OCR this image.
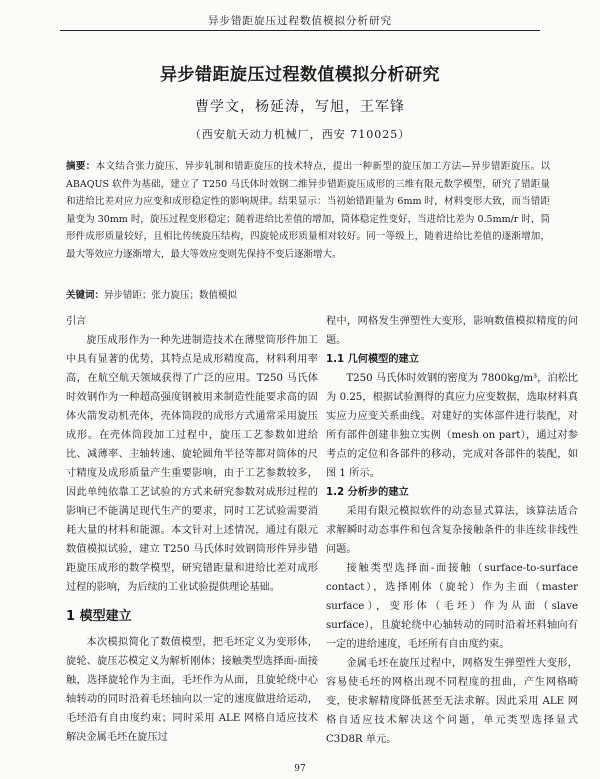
异步错距旋压过程数值模拟分析研究
异步错距旋压过程数值模拟分析研究
曹学文，杨延涛，写旭，王军锋
（西安航天动力机械厂，西安 710025）
摘要：本文结合张力旋压、异步轧制和错距旋压的技术特点，提出一种新型的旋压加工方法—异步错距旋压。以 ABAQUS 软件为基础，建立了 T250 马氏体时效钢二维异步错距旋压成形的三维有限元数学模型，研究了错距量和进给比差对应力应变和成形稳定性的影响规律。结果显示：当初始错距量为 6mm 时，材料变形大致，而当错距量变为 30mm 时，旋压过程变形稳定；随着进给比差值的增加，筒体稳定性变好，当进给比差为 0.5mm/r 时，筒形件成形质量较好，且相比传统旋压结构，四旋轮成形质量相对较好。同一等级上，随着进给比差值的逐渐增加，最大等效应力逐渐增大，最大等效应变则先保持不变后逐渐增大。
关键词：异步错距；张力旋压；数值模拟

引言

旋压成形作为一种先进制造技术在薄壁筒形件加工中具有显著的优势，其特点是成形精度高，材料利用率高，在航空航天领域获得了广泛的应用。T250 马氏体时效钢作为一种超高强度钢被用来制造性能要求高的固体火箭发动机壳体，壳体筒段的成形方式通常采用旋压成形。在壳体筒段加工过程中，旋压工艺参数如进给比、减薄率、主轴转速、旋轮圆角半径等都对筒体的尺寸精度及成形质量产生重要影响，由于工艺参数较多，因此单纯依靠工艺试验的方式来研究参数对成形过程的影响已不能满足现代生产的要求，同时工艺试验需要消耗大量的材料和能源。本文针对上述情况，通过有限元数值模拟试验，建立 T250 马氏体时效钢筒形件异步错距旋压成形的数学模型，研究错距量和进给比差对成形过程的影响，为后续的工业试验提供理论基础。

1 模型建立

本次模拟简化了数值模型，把毛坯定义为变形体，旋轮、旋压芯模定义为解析刚体；接触类型选择面-面接触，选择旋轮作为主面，毛坯作为从面，且旋轮绕中心轴转动的同时沿着毛坯轴向以一定的速度做进给运动，毛坯沿有自由度约束；同时采用 ALE 网格自适应技术解决金属毛坯在旋压过

程中，网格发生弹塑性大变形，影响数值模拟精度的问题。

1.1 几何模型的建立

T250 马氏体时效钢的密度为 7800kg/m³，泊松比为 0.25，根据试验测得的真应力应变数据，选取材料真实应力应变关系曲线。对建好的实体部件进行装配，对所有部件创建非独立实例（mesh on part），通过对参考点的定位和各部件的移动，完成对各部件的装配，如图 1 所示。

1.2 分析步的建立

采用有限元模拟软件的动态显式算法，该算法适合求解瞬时动态事件和包含复杂接触条件的非连续非线性问题。

接触类型选择面-面接触（surface-to-surface contact），选择刚体（旋轮）作为主面（master surface），变形体（毛坯）作为从面（slave surface），且旋轮绕中心轴转动的同时沿着坯料轴向有一定的进给速度，毛坯所有自由度约束。

金属毛坯在旋压过程中，网格发生弹塑性大变形，容易使毛坯的网格出现不同程度的扭曲，产生网格畸变，使求解精度降低甚至无法求解。因此采用 ALE 网格自适应技术解决这个问题，单元类型选择显式 C3D8R 单元。

97
